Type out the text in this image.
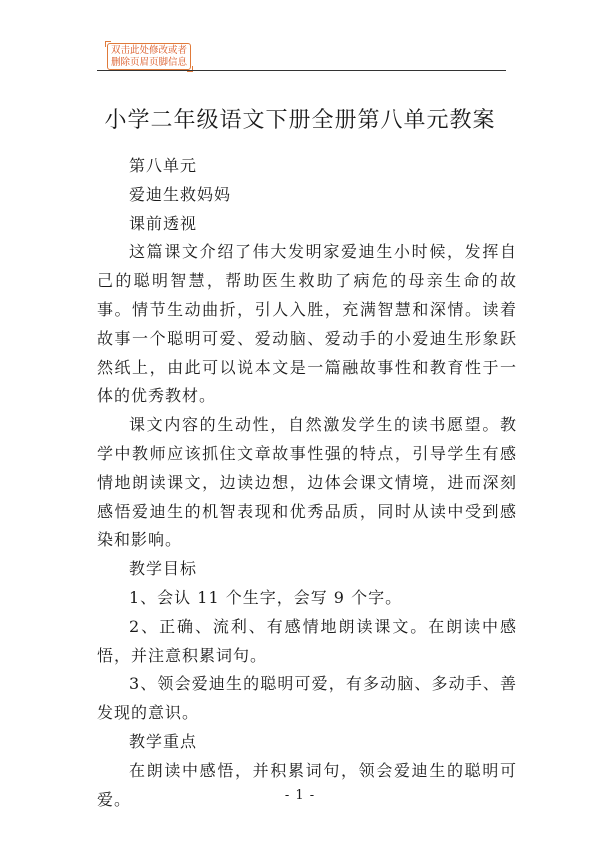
双击此处修改或者
删除页眉页脚信息
小学二年级语文下册全册第八单元教案

第八单元

爱迪生救妈妈

课前透视

这篇课文介绍了伟大发明家爱迪生小时候，发挥自己的聪明智慧，帮助医生救助了病危的母亲生命的故事。情节生动曲折，引人入胜，充满智慧和深情。读着故事一个聪明可爱、爱动脑、爱动手的小爱迪生形象跃然纸上，由此可以说本文是一篇融故事性和教育性于一体的优秀教材。

课文内容的生动性，自然激发学生的读书愿望。教学中教师应该抓住文章故事性强的特点，引导学生有感情地朗读课文，边读边想，边体会课文情境，进而深刻感悟爱迪生的机智表现和优秀品质，同时从读中受到感染和影响。

教学目标

1、会认 11 个生字，会写 9 个字。

2、正确、流利、有感情地朗读课文。在朗读中感悟，并注意积累词句。

3、领会爱迪生的聪明可爱，有多动脑、多动手、善发现的意识。

教学重点

在朗读中感悟，并积累词句，领会爱迪生的聪明可爱。	- 1 -
